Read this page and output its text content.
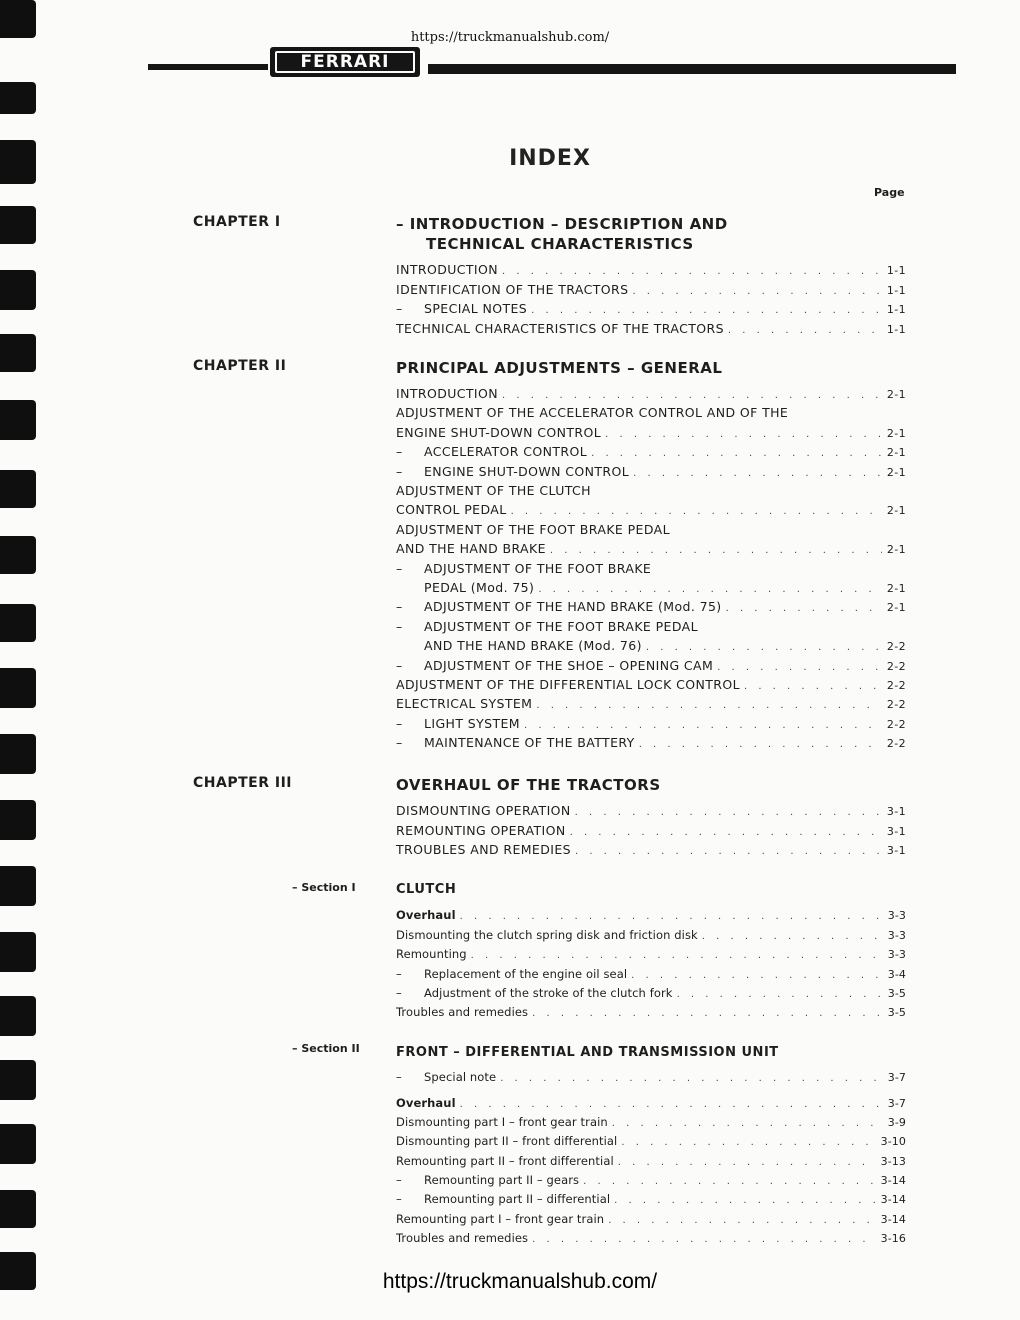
https://truckmanualshub.com/
FERRARI
INDEX
Page
CHAPTER I	– INTRODUCTION – DESCRIPTION AND
TECHNICAL CHARACTERISTICS
INTRODUCTION . . .	1-1
IDENTIFICATION OF THE TRACTORS . . .	1-1
–	SPECIAL NOTES . . .	1-1
TECHNICAL CHARACTERISTICS OF THE TRACTORS . . .	1-1
CHAPTER II	PRINCIPAL ADJUSTMENTS – GENERAL
INTRODUCTION . . .	2-1
ADJUSTMENT OF THE ACCELERATOR CONTROL AND OF THE
ENGINE SHUT-DOWN CONTROL . . .	2-1
–	ACCELERATOR CONTROL . . .	2-1
–	ENGINE SHUT-DOWN CONTROL . . .	2-1
ADJUSTMENT OF THE CLUTCH
CONTROL PEDAL . . .	2-1
ADJUSTMENT OF THE FOOT BRAKE PEDAL
AND THE HAND BRAKE . . .	2-1
–	ADJUSTMENT OF THE FOOT BRAKE
PEDAL (Mod. 75) . . .	2-1
–	ADJUSTMENT OF THE HAND BRAKE (Mod. 75) . . .	2-1
–	ADJUSTMENT OF THE FOOT BRAKE PEDAL
AND THE HAND BRAKE (Mod. 76) . . .	2-2
–	ADJUSTMENT OF THE SHOE – OPENING CAM . . .	2-2
ADJUSTMENT OF THE DIFFERENTIAL LOCK CONTROL . . .	2-2
ELECTRICAL SYSTEM . . .	2-2
–	LIGHT SYSTEM . . .	2-2
–	MAINTENANCE OF THE BATTERY . . .	2-2
CHAPTER III	OVERHAUL OF THE TRACTORS
DISMOUNTING OPERATION . . .	3-1
REMOUNTING OPERATION . . .	3-1
TROUBLES AND REMEDIES . . .	3-1
– Section I	CLUTCH
Overhaul . . .	3-3
Dismounting the clutch spring disk and friction disk . . .	3-3
Remounting . . .	3-3
–	Replacement of the engine oil seal . . .	3-4
–	Adjustment of the stroke of the clutch fork . . .	3-5
Troubles and remedies . . .	3-5
– Section II	FRONT – DIFFERENTIAL AND TRANSMISSION UNIT
–	Special note . . .	3-7
Overhaul . . .	3-7
Dismounting part I – front gear train . . .	3-9
Dismounting part II – front differential . . .	3-10
Remounting part II – front differential . . .	3-13
–	Remounting part II – gears . . .	3-14
–	Remounting part II – differential . . .	3-14
Remounting part I – front gear train . . .	3-14
Troubles and remedies . . .	3-16
https://truckmanualshub.com/
